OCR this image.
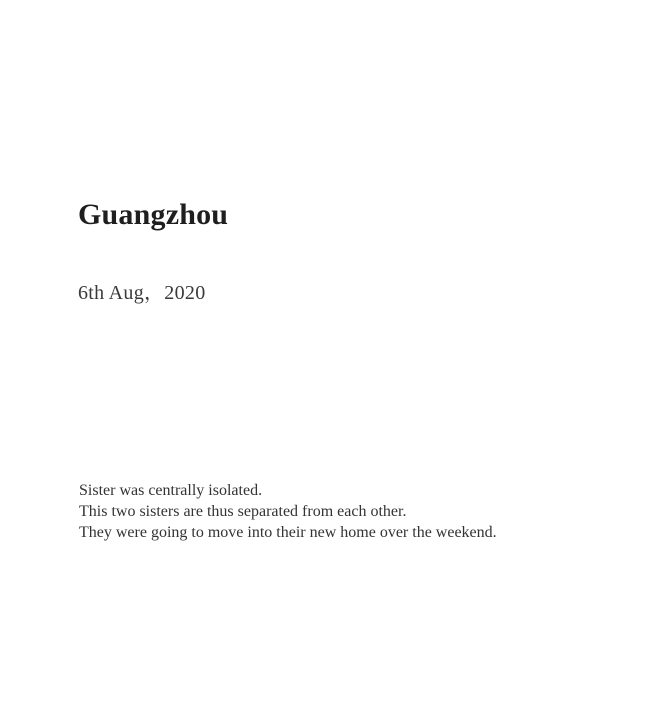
Guangzhou

6th Aug，2020

Sister was centrally isolated.
This two sisters are thus separated from each other.
They were going to move into their new home over the weekend.
